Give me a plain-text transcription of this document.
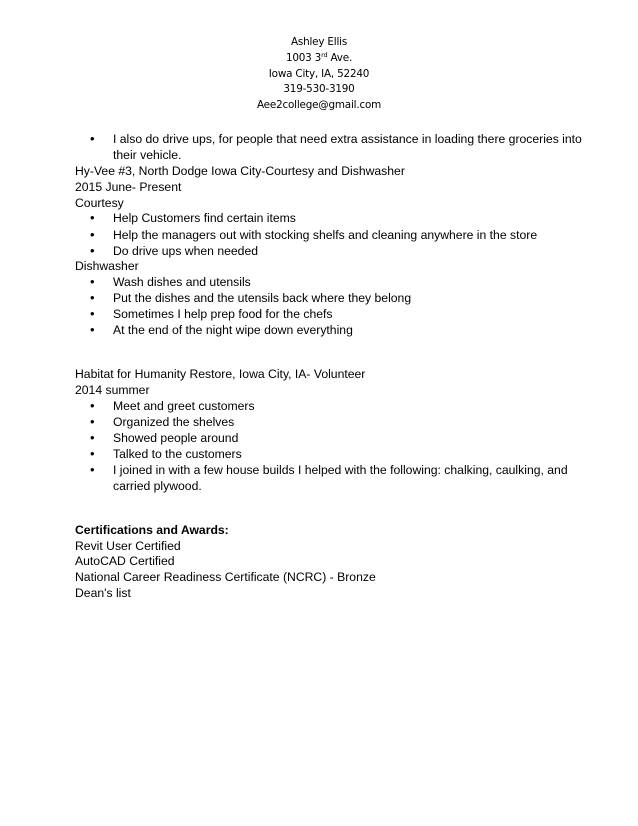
Ashley Ellis
1003 3rd Ave.
Iowa City, IA, 52240
319-530-3190
Aee2college@gmail.com
•	I also do drive ups, for people that need extra assistance in loading there groceries into
their vehicle.
Hy-Vee #3, North Dodge Iowa City-Courtesy and Dishwasher
2015 June- Present
Courtesy
•	Help Customers find certain items
•	Help the managers out with stocking shelfs and cleaning anywhere in the store
•	Do drive ups when needed
Dishwasher
•	Wash dishes and utensils
•	Put the dishes and the utensils back where they belong
•	Sometimes I help prep food for the chefs
•	At the end of the night wipe down everything
Habitat for Humanity Restore, Iowa City, IA- Volunteer
2014 summer
•	Meet and greet customers
•	Organized the shelves
•	Showed people around
•	Talked to the customers
•	I joined in with a few house builds I helped with the following: chalking, caulking, and
carried plywood.
Certifications and Awards:
Revit User Certified
AutoCAD Certified
National Career Readiness Certificate (NCRC) - Bronze
Dean's list
